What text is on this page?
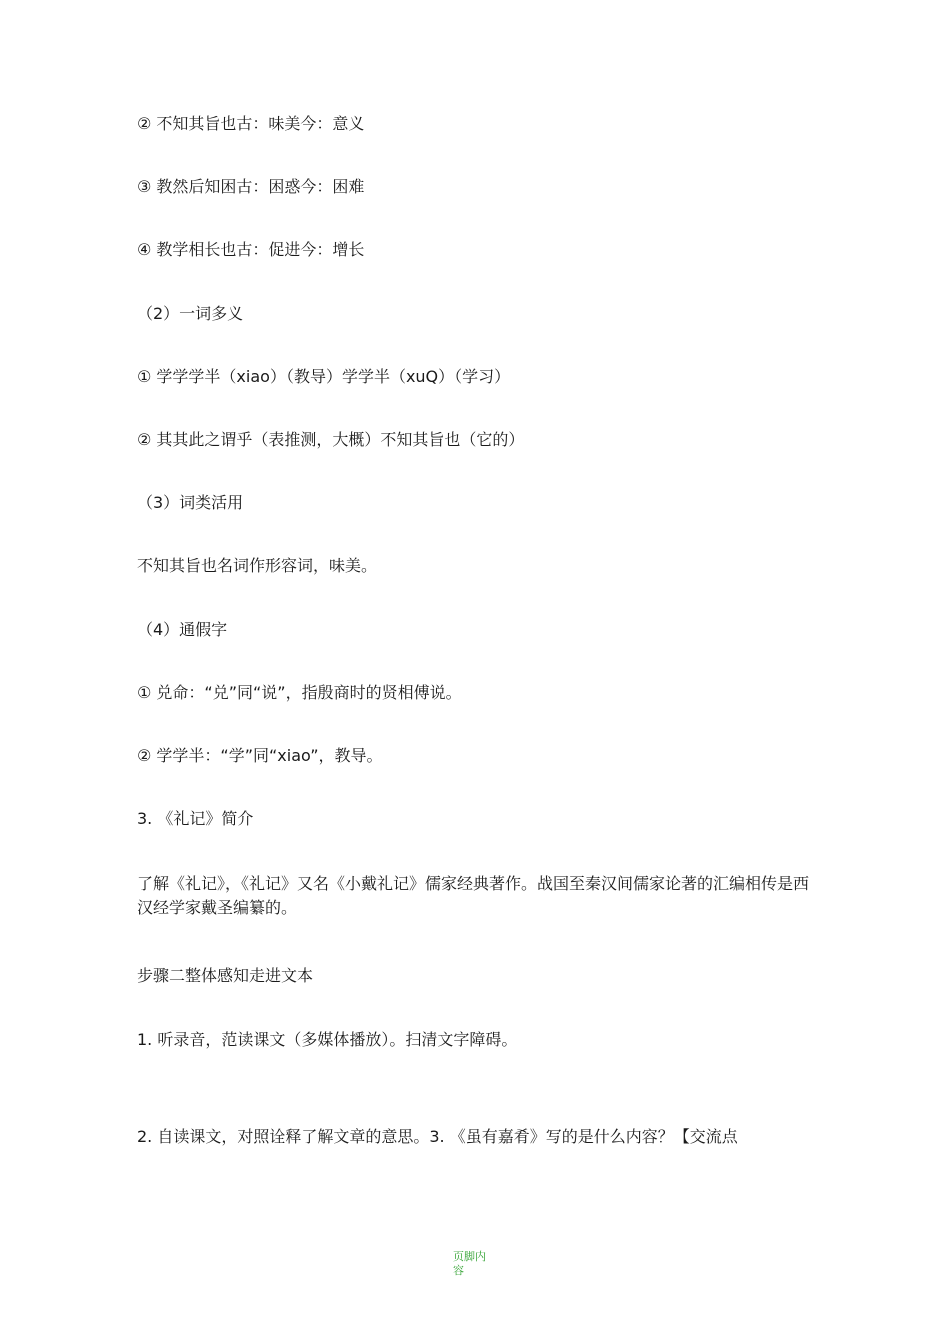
② 不知其旨也古：味美今：意义

③ 教然后知困古：困惑今：困难

④ 教学相长也古：促进今：增长

（2）一词多义

① 学学学半（xiao）（教导）学学半（xuQ）（学习）

② 其其此之谓乎（表推测，大概）不知其旨也（它的）

（3）词类活用

不知其旨也名词作形容词，味美。

（4）通假字

① 兑命：“兑”同“说”，指殷商时的贤相傅说。

② 学学半：“学”同“xiao”，教导。

3. 《礼记》简介

了解《礼记》，《礼记》又名《小戴礼记》儒家经典著作。战国至秦汉间儒家论著的汇编相传是西汉经学家戴圣编纂的。

步骤二整体感知走进文本

1. 听录音，范读课文（多媒体播放）。扫清文字障碍。

2. 自读课文，对照诠释了解文章的意思。3. 《虽有嘉肴》写的是什么内容？【交流点

页脚内容
